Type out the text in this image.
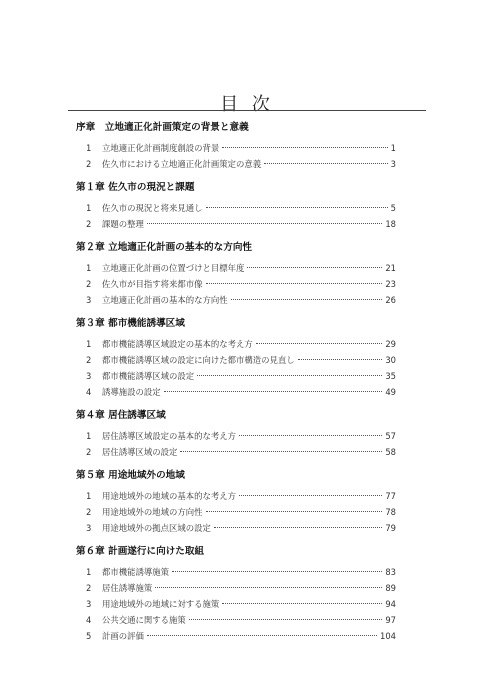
目 次
序章　立地適正化計画策定の背景と意義
1	立地適正化計画制度創設の背景	1
2	佐久市における立地適正化計画策定の意義	3
第１章 佐久市の現況と課題
1	佐久市の現況と将来見通し	5
2	課題の整理	18
第２章 立地適正化計画の基本的な方向性
1	立地適正化計画の位置づけと目標年度	21
2	佐久市が目指す将来都市像	23
3	立地適正化計画の基本的な方向性	26
第３章 都市機能誘導区域
1	都市機能誘導区域設定の基本的な考え方	29
2	都市機能誘導区域の設定に向けた都市構造の見直し	30
3	都市機能誘導区域の設定	35
4	誘導施設の設定	49
第４章 居住誘導区域
1	居住誘導区域設定の基本的な考え方	57
2	居住誘導区域の設定	58
第５章 用途地域外の地域
1	用途地域外の地域の基本的な考え方	77
2	用途地域外の地域の方向性	78
3	用途地域外の拠点区域の設定	79
第６章 計画遂行に向けた取組
1	都市機能誘導施策	83
2	居住誘導施策	89
3	用途地域外の地域に対する施策	94
4	公共交通に関する施策	97
5	計画の評価	104
